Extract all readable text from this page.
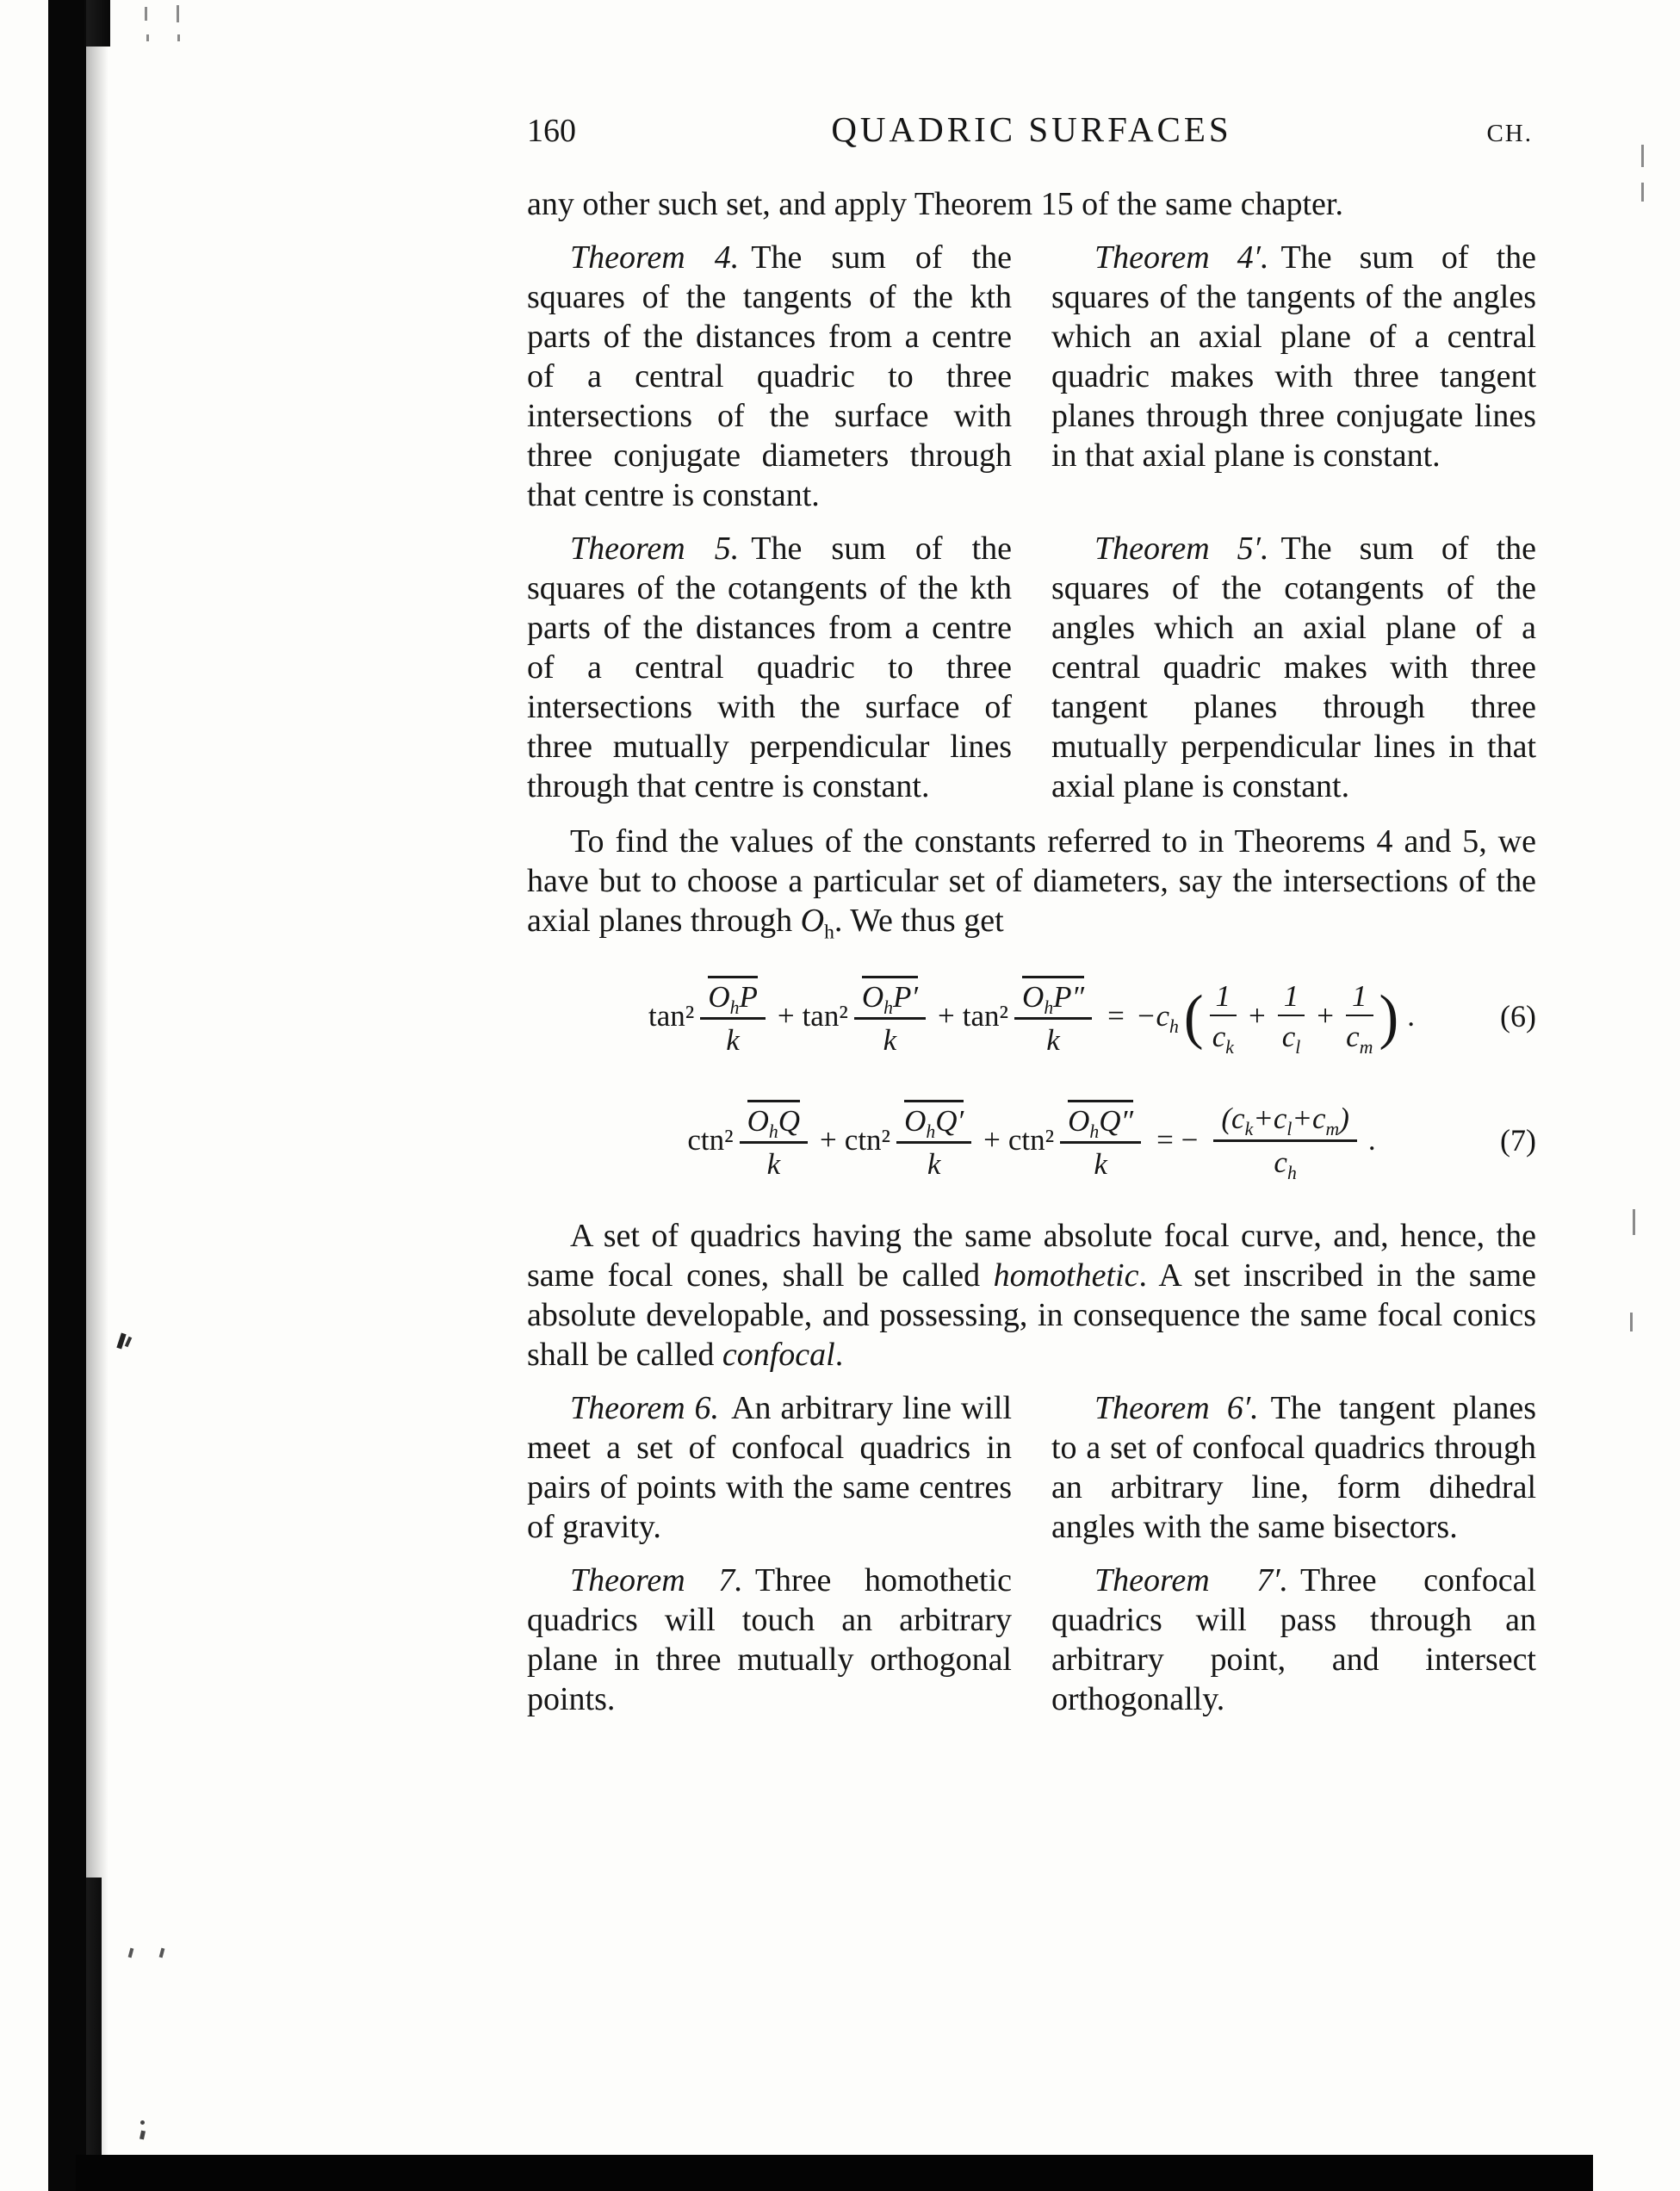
160	QUADRIC SURFACES	CH.

any other such set, and apply Theorem 15 of the same chapter.

Theorem 4. The sum of the squares of the tangents of the kth parts of the distances from a centre of a central quadric to three intersections of the surface with three conjugate diameters through that centre is constant.

Theorem 4′. The sum of the squares of the tangents of the angles which an axial plane of a central quadric makes with three tangent planes through three conjugate lines in that axial plane is constant.

Theorem 5. The sum of the squares of the cotangents of the kth parts of the distances from a centre of a central quadric to three intersections with the surface of three mutually perpendicular lines through that centre is constant.

Theorem 5′. The sum of the squares of the cotangents of the angles which an axial plane of a central quadric makes with three tangent planes through three mutually perpendicular lines in that axial plane is constant.

To find the values of the constants referred to in Theorems 4 and 5, we have but to choose a particular set of diameters, say the intersections of the axial planes through $O_h$. We thus get

$\tan^2 \frac{O_hP}{k} + \tan^2 \frac{O_hP'}{k} + \tan^2 \frac{O_hP''}{k} = -c_h$ ( $\frac{1}{c_k} + \frac{1}{c_l} + \frac{1}{c_m}$ ) .	(6)
$ctn^2 \frac{O_hQ}{k} + ctn^2 \frac{O_hQ'}{k} + ctn^2 \frac{O_hQ''}{k}$ = − $\frac{(c_k+c_l+c_m)}{c_h}$ .	(7)

A set of quadrics having the same absolute focal curve, and, hence, the same focal cones, shall be called homothetic. A set inscribed in the same absolute developable, and possessing, in consequence the same focal conics shall be called confocal.

Theorem 6. An arbitrary line will meet a set of confocal quadrics in pairs of points with the same centres of gravity.

Theorem 6′. The tangent planes to a set of confocal quadrics through an arbitrary line, form dihedral angles with the same bisectors.

Theorem 7. Three homothetic quadrics will touch an arbitrary plane in three mutually orthogonal points.

Theorem 7′. Three confocal quadrics will pass through an arbitrary point, and intersect orthogonally.
